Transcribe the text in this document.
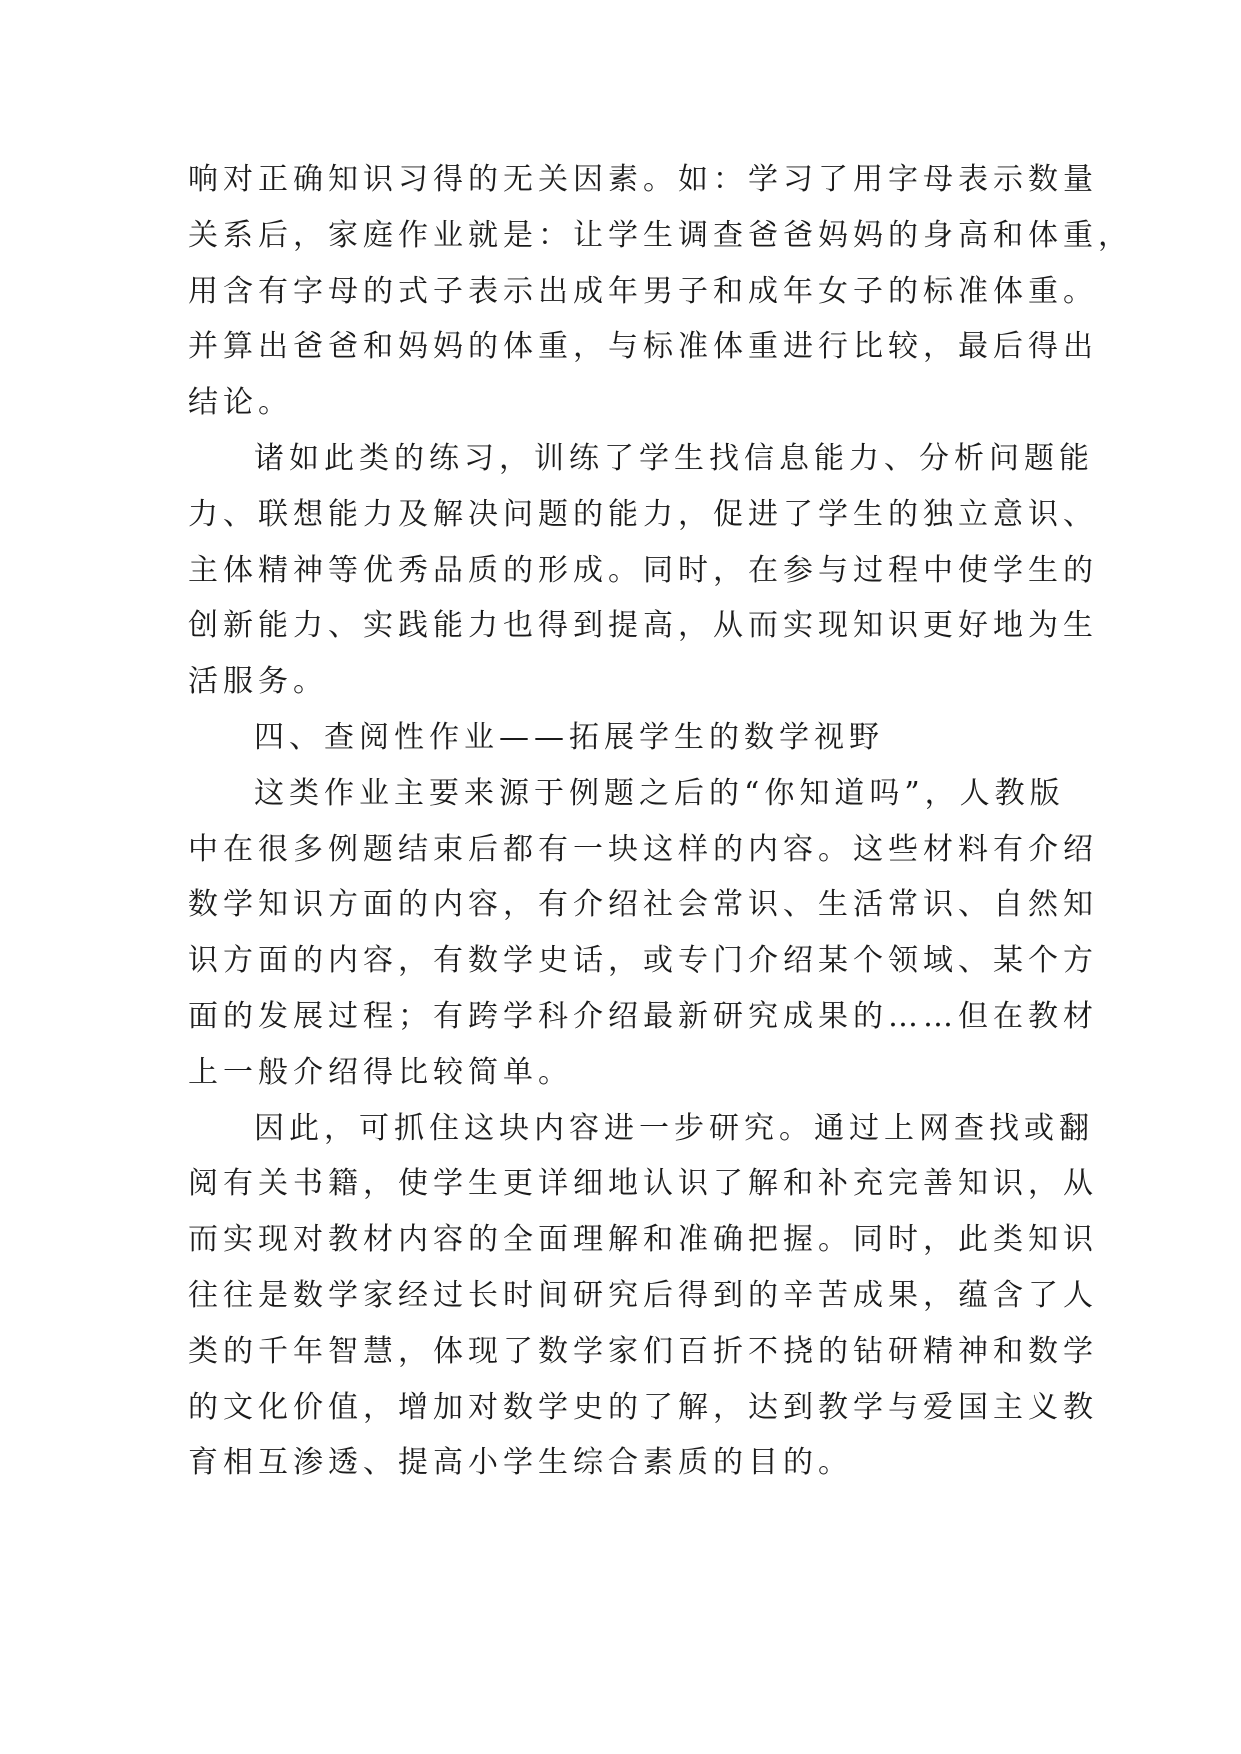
响对正确知识习得的无关因素。如：学习了用字母表示数量
关系后，家庭作业就是：让学生调查爸爸妈妈的身高和体重，
用含有字母的式子表示出成年男子和成年女子的标准体重。
并算出爸爸和妈妈的体重，与标准体重进行比较，最后得出
结论。
诸如此类的练习，训练了学生找信息能力、分析问题能
力、联想能力及解决问题的能力，促进了学生的独立意识、
主体精神等优秀品质的形成。同时，在参与过程中使学生的
创新能力、实践能力也得到提高，从而实现知识更好地为生
活服务。
四、查阅性作业——拓展学生的数学视野
这类作业主要来源于例题之后的“你知道吗”，人教版
中在很多例题结束后都有一块这样的内容。这些材料有介绍
数学知识方面的内容，有介绍社会常识、生活常识、自然知
识方面的内容，有数学史话，或专门介绍某个领域、某个方
面的发展过程；有跨学科介绍最新研究成果的……但在教材
上一般介绍得比较简单。
因此，可抓住这块内容进一步研究。通过上网查找或翻
阅有关书籍，使学生更详细地认识了解和补充完善知识，从
而实现对教材内容的全面理解和准确把握。同时，此类知识
往往是数学家经过长时间研究后得到的辛苦成果，蕴含了人
类的千年智慧，体现了数学家们百折不挠的钻研精神和数学
的文化价值，增加对数学史的了解，达到教学与爱国主义教
育相互渗透、提高小学生综合素质的目的。
